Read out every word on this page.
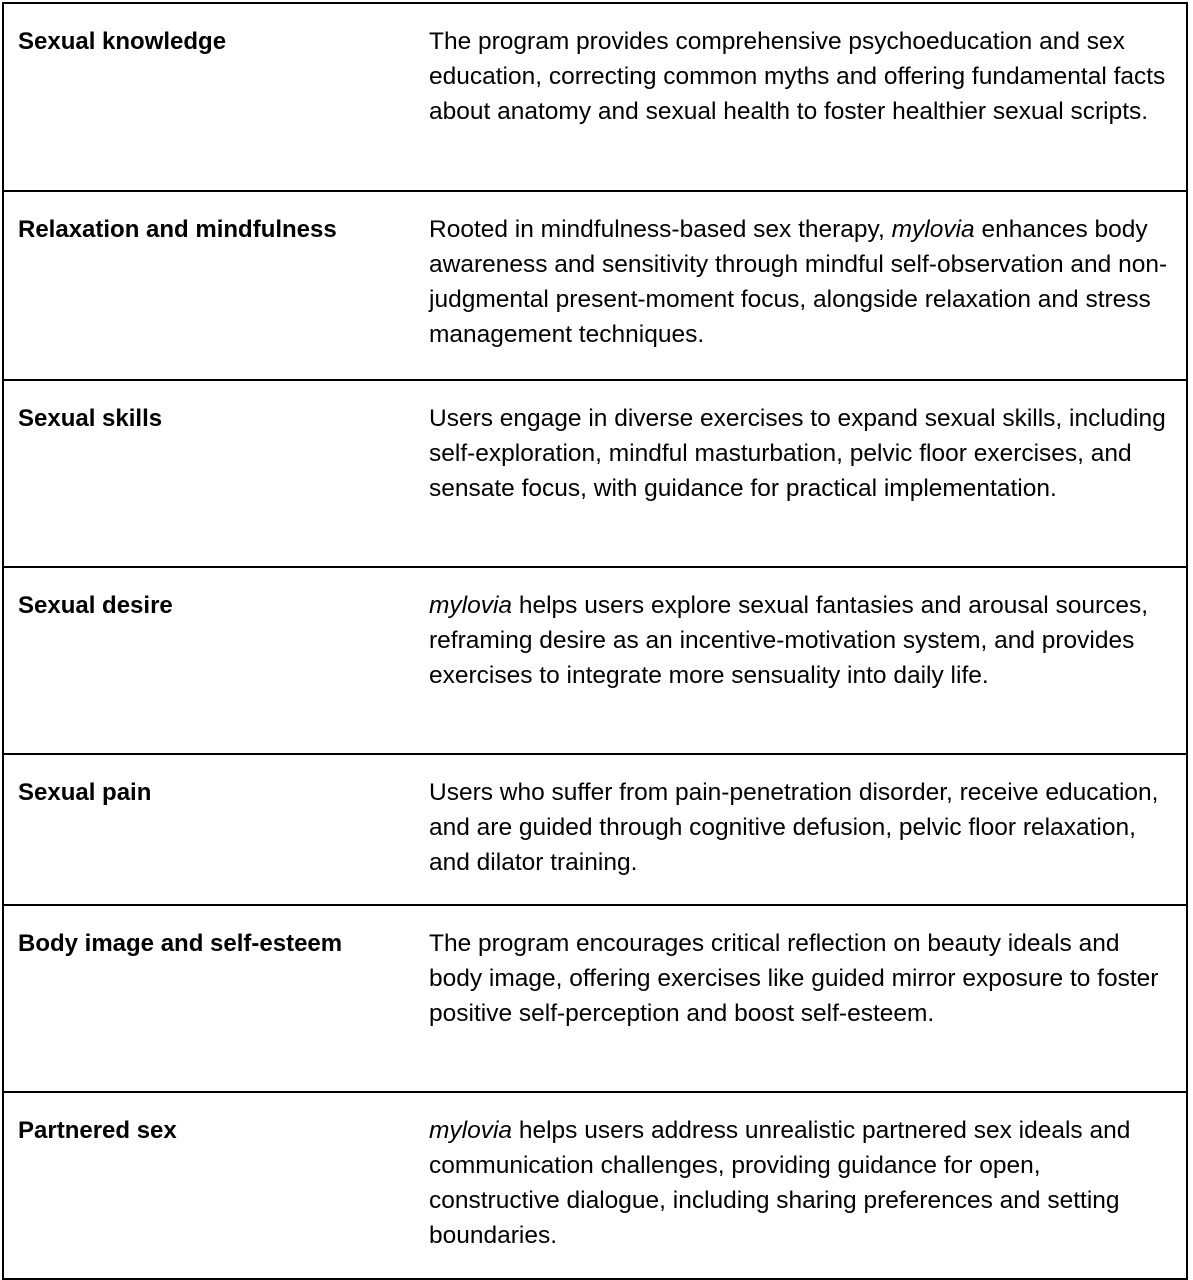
Sexual knowledge	The program provides comprehensive psychoeducation and sex education, correcting common myths and offering fundamental facts about anatomy and sexual health to foster healthier sexual scripts.
Relaxation and mindfulness	Rooted in mindfulness-based sex therapy, mylovia enhances body awareness and sensitivity through mindful self-observation and non-judgmental present-moment focus, alongside relaxation and stress management techniques.
Sexual skills	Users engage in diverse exercises to expand sexual skills, including self-exploration, mindful masturbation, pelvic floor exercises, and sensate focus, with guidance for practical implementation.
Sexual desire	mylovia helps users explore sexual fantasies and arousal sources, reframing desire as an incentive-motivation system, and provides exercises to integrate more sensuality into daily life.
Sexual pain	Users who suffer from pain-penetration disorder, receive education, and are guided through cognitive defusion, pelvic floor relaxation, and dilator training.
Body image and self-esteem	The program encourages critical reflection on beauty ideals and body image, offering exercises like guided mirror exposure to foster positive self-perception and boost self-esteem.
Partnered sex	mylovia helps users address unrealistic partnered sex ideals and communication challenges, providing guidance for open, constructive dialogue, including sharing preferences and setting boundaries.
